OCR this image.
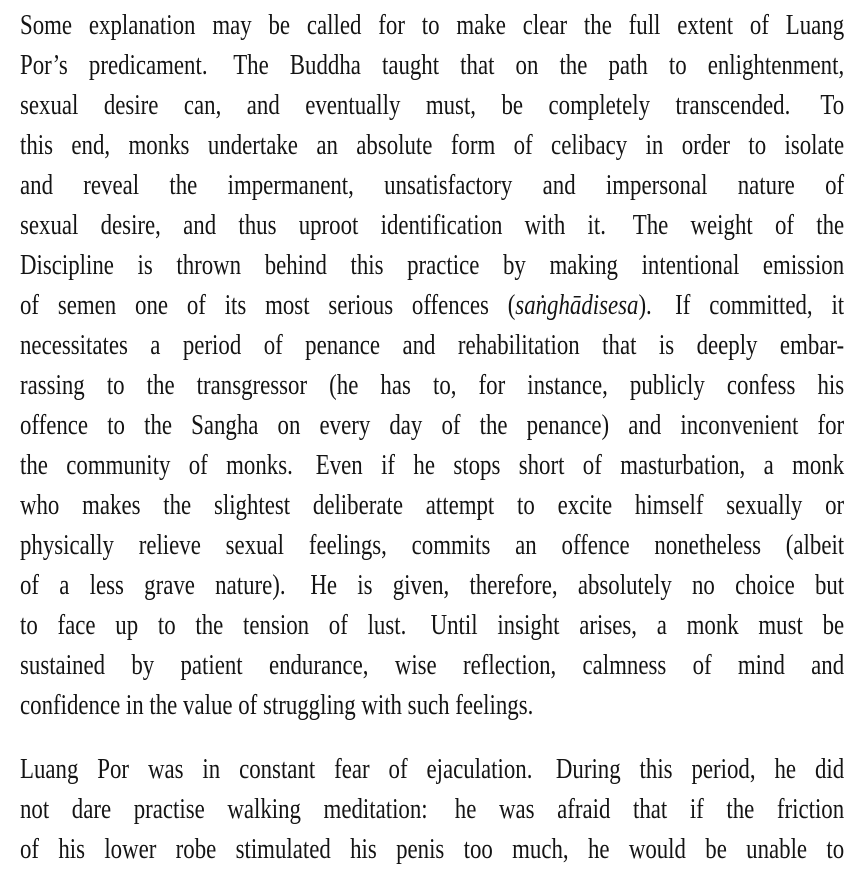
Some explanation may be called for to make clear the full extent of Luang
Por’s predicament.  The Buddha taught that on the path to enlightenment,
sexual desire can, and eventually must, be completely transcended.  To
this end, monks undertake an absolute form of celibacy in order to isolate
and reveal the impermanent, unsatisfactory and impersonal nature of
sexual desire, and thus uproot identification with it.  The weight of the
Discipline is thrown behind this practice by making intentional emission
of semen one of its most serious offences (saṅghādisesa).  If committed, it
necessitates a period of penance and rehabilitation that is deeply embar-
rassing to the transgressor (he has to, for instance, publicly confess his
offence to the Sangha on every day of the penance) and inconvenient for
the community of monks.  Even if he stops short of masturbation, a monk
who makes the slightest deliberate attempt to excite himself sexually or
physically relieve sexual feelings, commits an offence nonetheless (albeit
of a less grave nature).  He is given, therefore, absolutely no choice but
to face up to the tension of lust.  Until insight arises, a monk must be
sustained by patient endurance, wise reflection, calmness of mind and
confidence in the value of struggling with such feelings.
Luang Por was in constant fear of ejaculation.  During this period, he did
not dare practise walking meditation:  he was afraid that if the friction
of his lower robe stimulated his penis too much, he would be unable to
